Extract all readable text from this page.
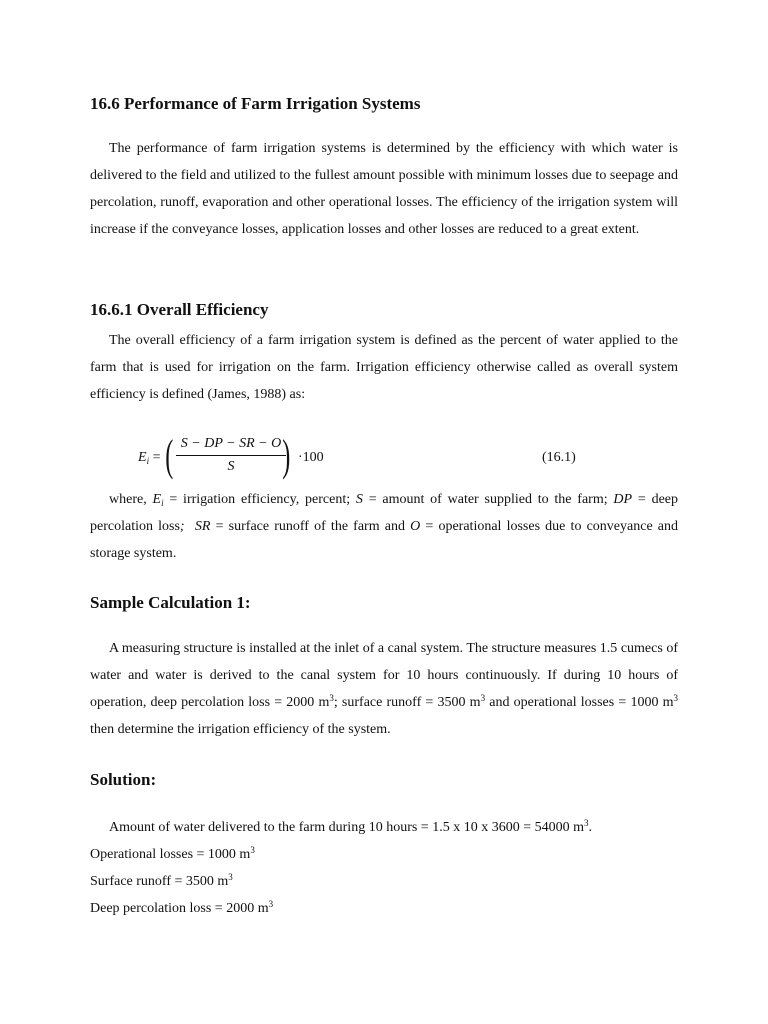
16.6 Performance of Farm Irrigation Systems

The performance of farm irrigation systems is determined by the efficiency with which water is delivered to the field and utilized to the fullest amount possible with minimum losses due to seepage and percolation, runoff, evaporation and other operational losses. The efficiency of the irrigation system will increase if the conveyance losses, application losses and other losses are reduced to a great extent.

16.6.1 Overall Efficiency

The overall efficiency of a farm irrigation system is defined as the percent of water applied to the farm that is used for irrigation on the farm. Irrigation efficiency otherwise called as overall system efficiency is defined (James, 1988) as:

$E_i$ = ( S − DP − SR − O
S	) ·100	(16.1)

where, $E_i$ = irrigation efficiency, percent; S = amount of water supplied to the farm; DP = deep percolation loss; SR = surface runoff of the farm and O = operational losses due to conveyance and storage system.

Sample Calculation 1:

A measuring structure is installed at the inlet of a canal system. The structure measures 1.5 cumecs of water and water is derived to the canal system for 10 hours continuously. If during 10 hours of operation, deep percolation loss = 2000 $m^3$; surface runoff = 3500 $m^3$ and operational losses = 1000 $m^3$ then determine the irrigation efficiency of the system.

Solution:

Amount of water delivered to the farm during 10 hours = 1.5 x 10 x 3600 = 54000 $m^3$.

Operational losses = 1000 $m^3$

Surface runoff = 3500 $m^3$

Deep percolation loss = 2000 $m^3$
